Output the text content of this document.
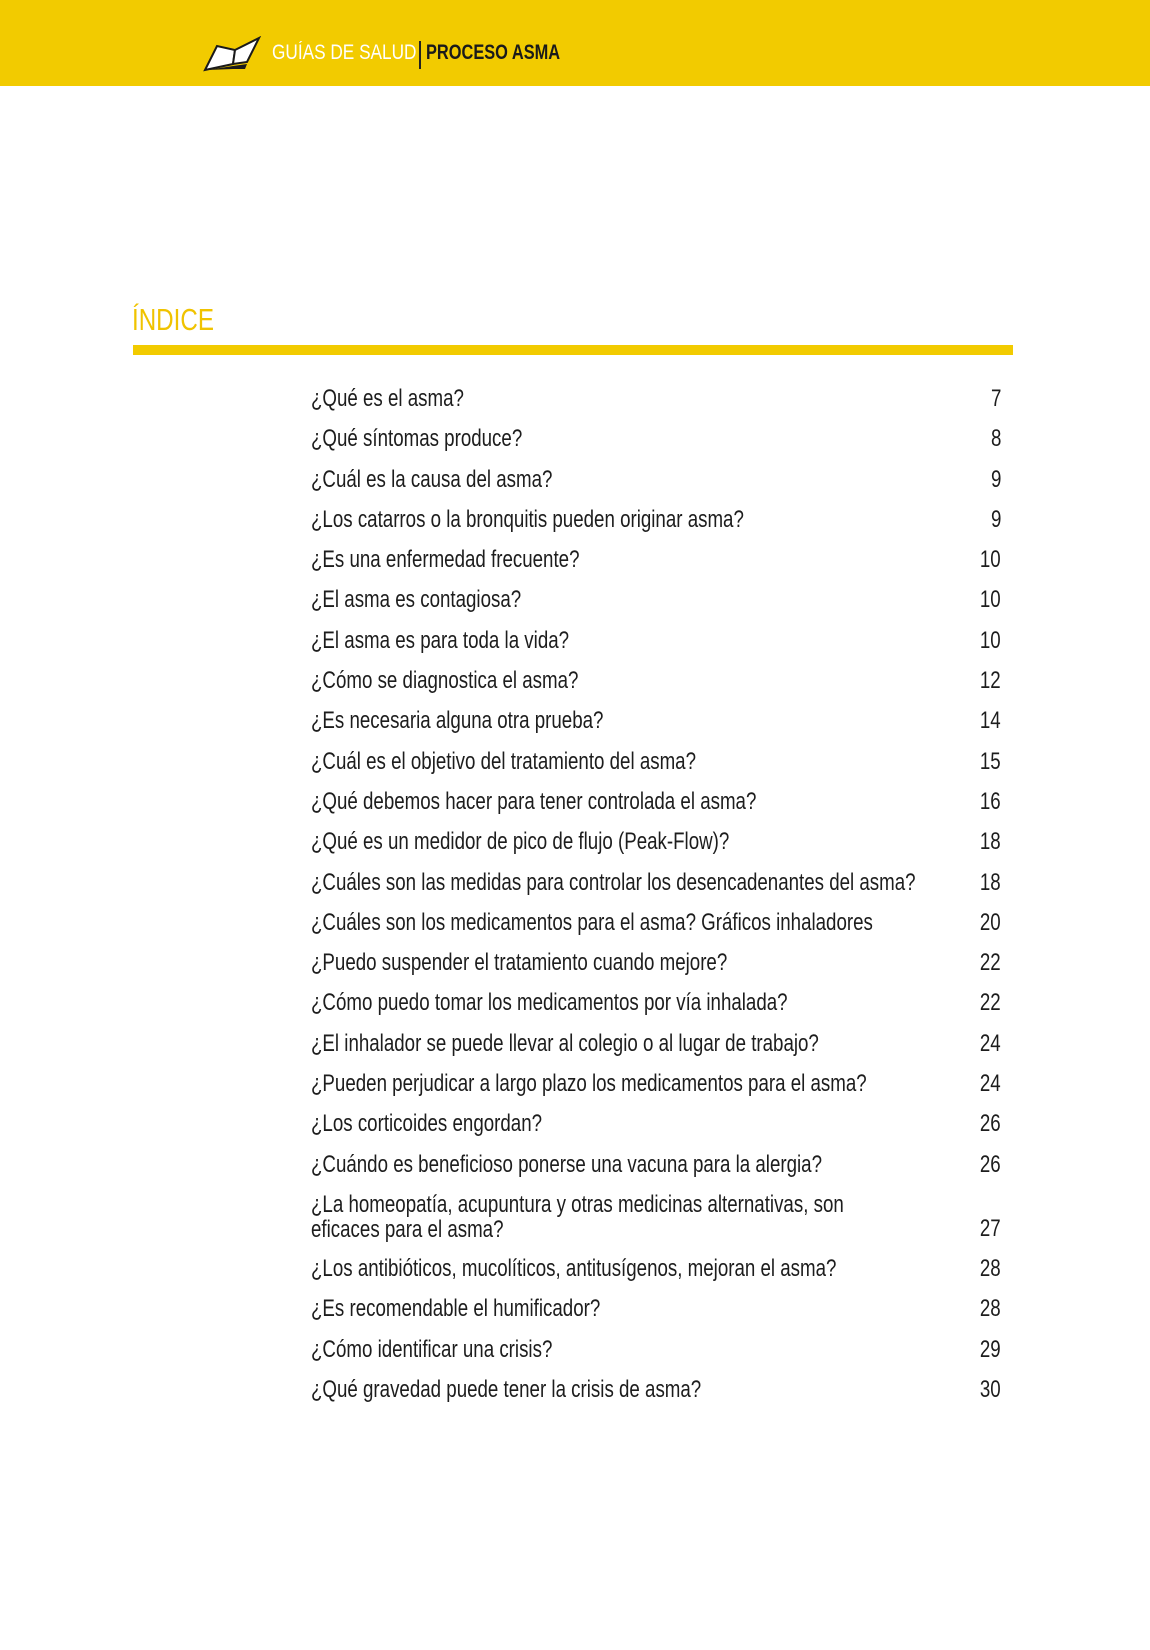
GUÍAS DE SALUD PROCESO ASMA
ÍNDICE
¿Qué es el asma?	7
¿Qué síntomas produce?	8
¿Cuál es la causa del asma?	9
¿Los catarros o la bronquitis pueden originar asma?	9
¿Es una enfermedad frecuente?	10
¿El asma es contagiosa?	10
¿El asma es para toda la vida?	10
¿Cómo se diagnostica el asma?	12
¿Es necesaria alguna otra prueba?	14
¿Cuál es el objetivo del tratamiento del asma?	15
¿Qué debemos hacer para tener controlada el asma?	16
¿Qué es un medidor de pico de flujo (Peak-Flow)?	18
¿Cuáles son las medidas para controlar los desencadenantes del asma?	18
¿Cuáles son los medicamentos para el asma? Gráficos inhaladores	20
¿Puedo suspender el tratamiento cuando mejore?	22
¿Cómo puedo tomar los medicamentos por vía inhalada?	22
¿El inhalador se puede llevar al colegio o al lugar de trabajo?	24
¿Pueden perjudicar a largo plazo los medicamentos para el asma?	24
¿Los corticoides engordan?	26
¿Cuándo es beneficioso ponerse una vacuna para la alergia?	26
¿La homeopatía, acupuntura y otras medicinas alternativas, son
eficaces para el asma?	27
¿Los antibióticos, mucolíticos, antitusígenos, mejoran el asma?	28
¿Es recomendable el humificador?	28
¿Cómo identificar una crisis?	29
¿Qué gravedad puede tener la crisis de asma?	30
